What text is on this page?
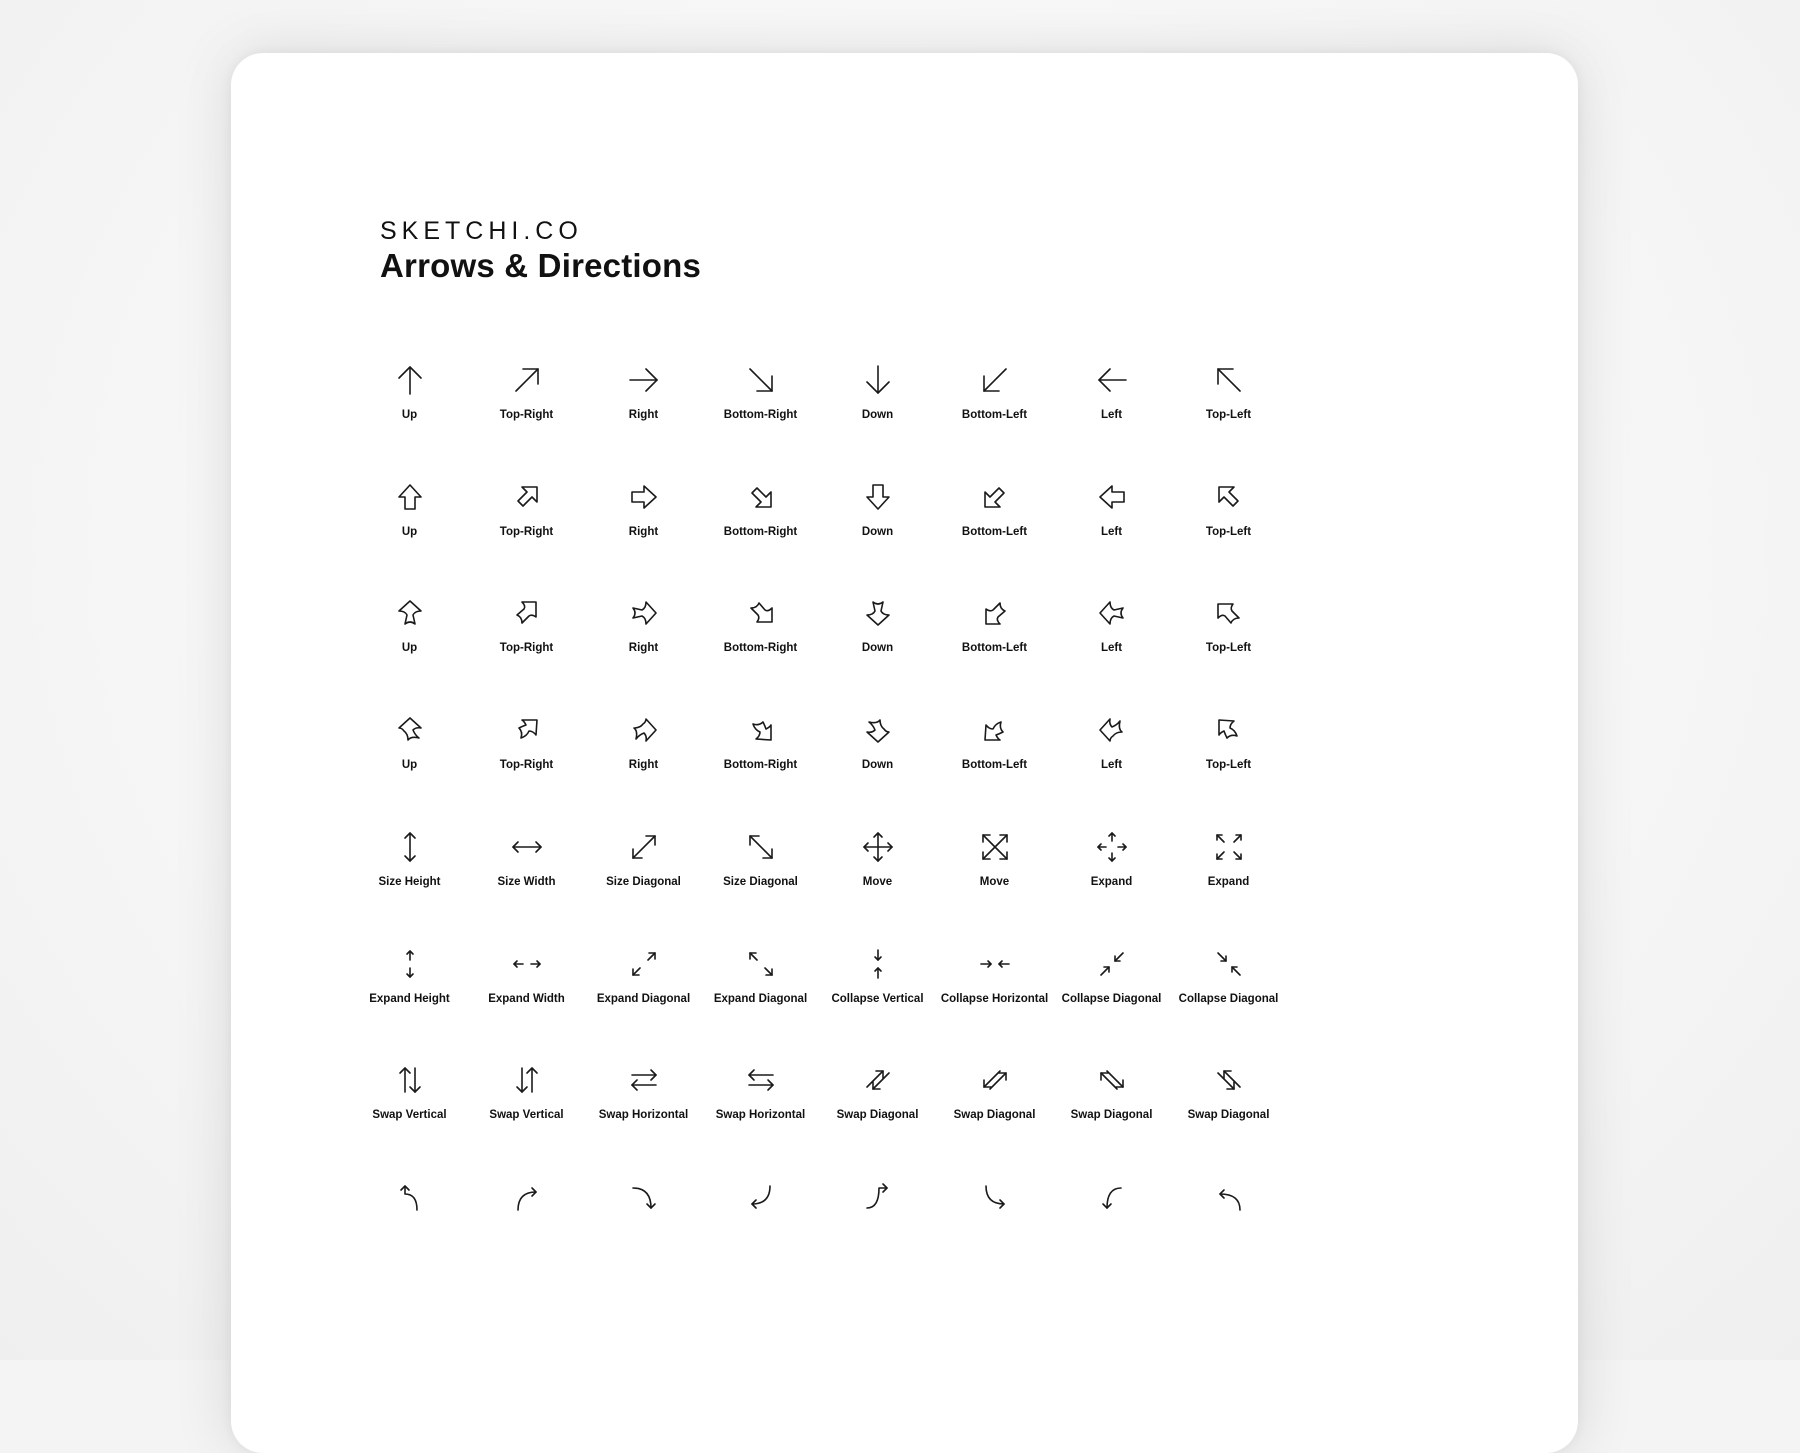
SKETCHI.CO
Arrows & Directions
Up	Top-Right	Right	Bottom-Right	Down	Bottom-Left	Left	Top-Left
Up	Top-Right	Right	Bottom-Right	Down	Bottom-Left	Left	Top-Left
Up	Top-Right	Right	Bottom-Right	Down	Bottom-Left	Left	Top-Left
Up	Top-Right	Right	Bottom-Right	Down	Bottom-Left	Left	Top-Left
Size Height	Size Width	Size Diagonal	Size Diagonal	Move	Move	Expand	Expand
Expand Height	Expand Width	Expand Diagonal	Expand Diagonal	Collapse Vertical	Collapse Horizontal	Collapse Diagonal	Collapse Diagonal
Swap Vertical	Swap Vertical	Swap Horizontal	Swap Horizontal	Swap Diagonal	Swap Diagonal	Swap Diagonal	Swap Diagonal
